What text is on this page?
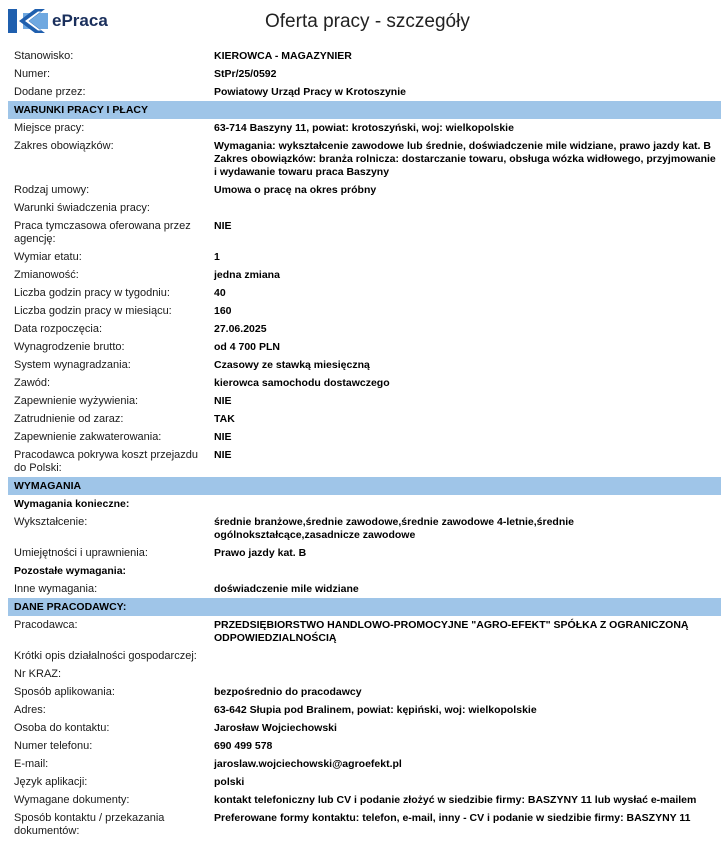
ePraca	Oferta pracy - szczegóły
Stanowisko:	KIEROWCA - MAGAZYNIER
Numer:	StPr/25/0592
Dodane przez:	Powiatowy Urząd Pracy w Krotoszynie
WARUNKI PRACY I PŁACY
Miejsce pracy:	63-714 Baszyny 11, powiat: krotoszyński, woj: wielkopolskie
Zakres obowiązków:	Wymagania: wykształcenie zawodowe lub średnie, doświadczenie mile widziane, prawo jazdy kat. B Zakres obowiązków: branża rolnicza: dostarczanie towaru, obsługa wózka widłowego, przyjmowanie i wydawanie towaru praca Baszyny
Rodzaj umowy:	Umowa o pracę na okres próbny
Warunki świadczenia pracy:
Praca tymczasowa oferowana przez agencję:
NIE
Wymiar etatu:	1
Zmianowość:	jedna zmiana
Liczba godzin pracy w tygodniu:	40
Liczba godzin pracy w miesiącu:	160
Data rozpoczęcia:	27.06.2025
Wynagrodzenie brutto:	od 4 700 PLN
System wynagradzania:	Czasowy ze stawką miesięczną
Zawód:	kierowca samochodu dostawczego
Zapewnienie wyżywienia:	NIE
Zatrudnienie od zaraz:	TAK
Zapewnienie zakwaterowania:	NIE
Pracodawca pokrywa koszt przejazdu do Polski:
NIE
WYMAGANIA
Wymagania konieczne:
Wykształcenie:	średnie branżowe,średnie zawodowe,średnie zawodowe 4-letnie,średnie ogólnokształcące,zasadnicze zawodowe
Umiejętności i uprawnienia:	Prawo jazdy kat. B
Pozostałe wymagania:
Inne wymagania:	doświadczenie mile widziane
DANE PRACODAWCY:
Pracodawca:	PRZEDSIĘBIORSTWO HANDLOWO-PROMOCYJNE "AGRO-EFEKT" SPÓŁKA Z OGRANICZONĄ ODPOWIEDZIALNOŚCIĄ
Krótki opis działalności gospodarczej:
Nr KRAZ:
Sposób aplikowania:	bezpośrednio do pracodawcy
Adres:	63-642 Słupia pod Bralinem, powiat: kępiński, woj: wielkopolskie
Osoba do kontaktu:	Jarosław Wojciechowski
Numer telefonu:	690 499 578
E-mail:	jaroslaw.wojciechowski@agroefekt.pl
Język aplikacji:	polski
Wymagane dokumenty:	kontakt telefoniczny lub CV i podanie złożyć w siedzibie firmy: BASZYNY 11 lub wysłać e-mailem
Sposób kontaktu / przekazania dokumentów:
Preferowane formy kontaktu: telefon, e-mail, inny - CV i podanie w siedzibie firmy: BASZYNY 11
